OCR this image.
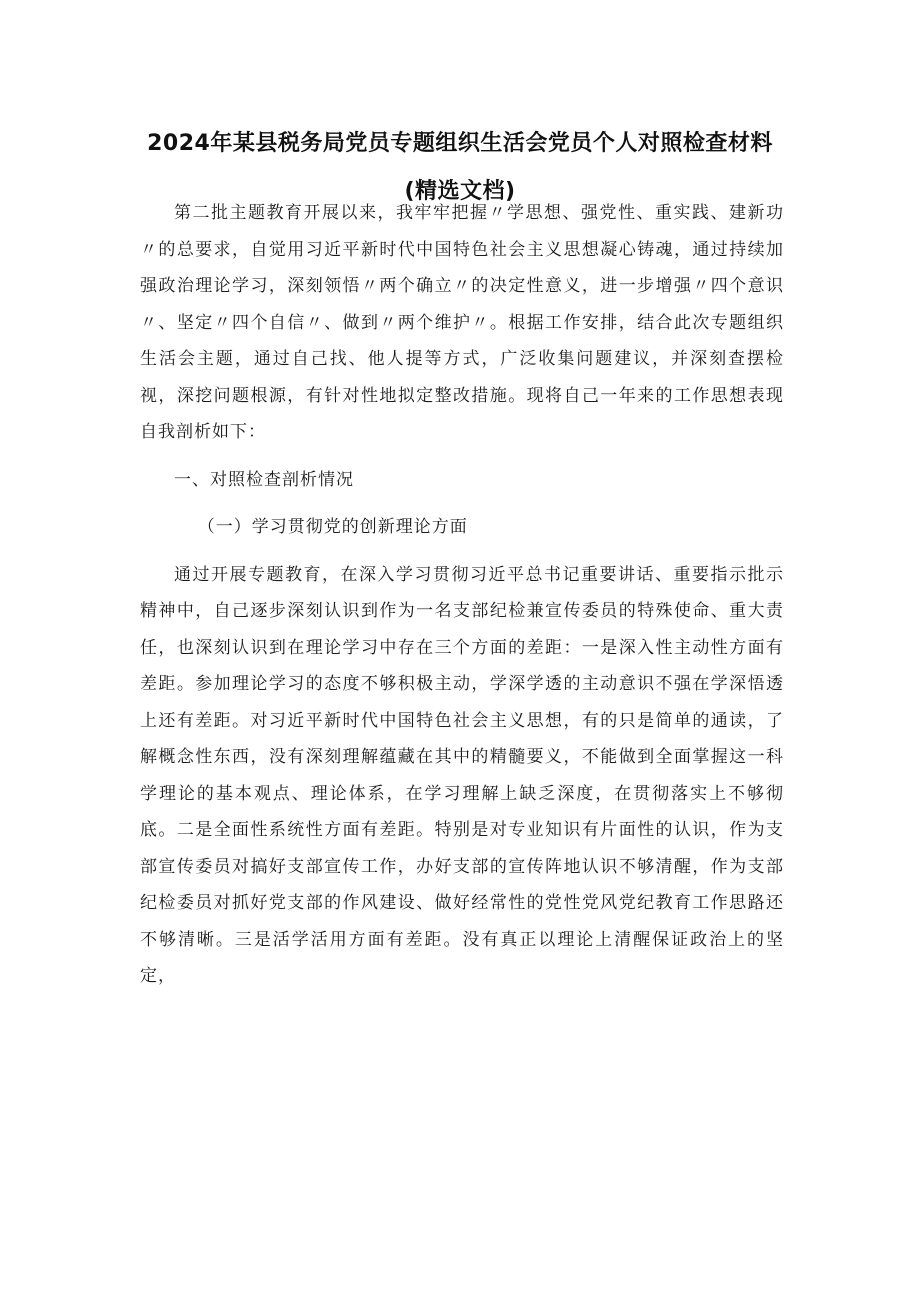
2024年某县税务局党员专题组织生活会党员个人对照检查材料
(精选文档)

第二批主题教育开展以来，我牢牢把握〃学思想、强党性、重实践、建新功〃的总要求，自觉用习近平新时代中国特色社会主义思想凝心铸魂，通过持续加强政治理论学习，深刻领悟〃两个确立〃的决定性意义，进一步增强〃四个意识〃、坚定〃四个自信〃、做到〃两个维护〃。根据工作安排，结合此次专题组织生活会主题，通过自己找、他人提等方式，广泛收集问题建议，并深刻查摆检视，深挖问题根源，有针对性地拟定整改措施。现将自己一年来的工作思想表现自我剖析如下：

一、对照检查剖析情况

（一）学习贯彻党的创新理论方面

通过开展专题教育，在深入学习贯彻习近平总书记重要讲话、重要指示批示精神中，自己逐步深刻认识到作为一名支部纪检兼宣传委员的特殊使命、重大责任，也深刻认识到在理论学习中存在三个方面的差距：一是深入性主动性方面有差距。参加理论学习的态度不够积极主动，学深学透的主动意识不强在学深悟透上还有差距。对习近平新时代中国特色社会主义思想，有的只是简单的通读，了解概念性东西，没有深刻理解蕴藏在其中的精髓要义，不能做到全面掌握这一科学理论的基本观点、理论体系，在学习理解上缺乏深度，在贯彻落实上不够彻底。二是全面性系统性方面有差距。特别是对专业知识有片面性的认识，作为支部宣传委员对搞好支部宣传工作，办好支部的宣传阵地认识不够清醒，作为支部纪检委员对抓好党支部的作风建设、做好经常性的党性党风党纪教育工作思路还不够清晰。三是活学活用方面有差距。没有真正以理论上清醒保证政治上的坚定，
